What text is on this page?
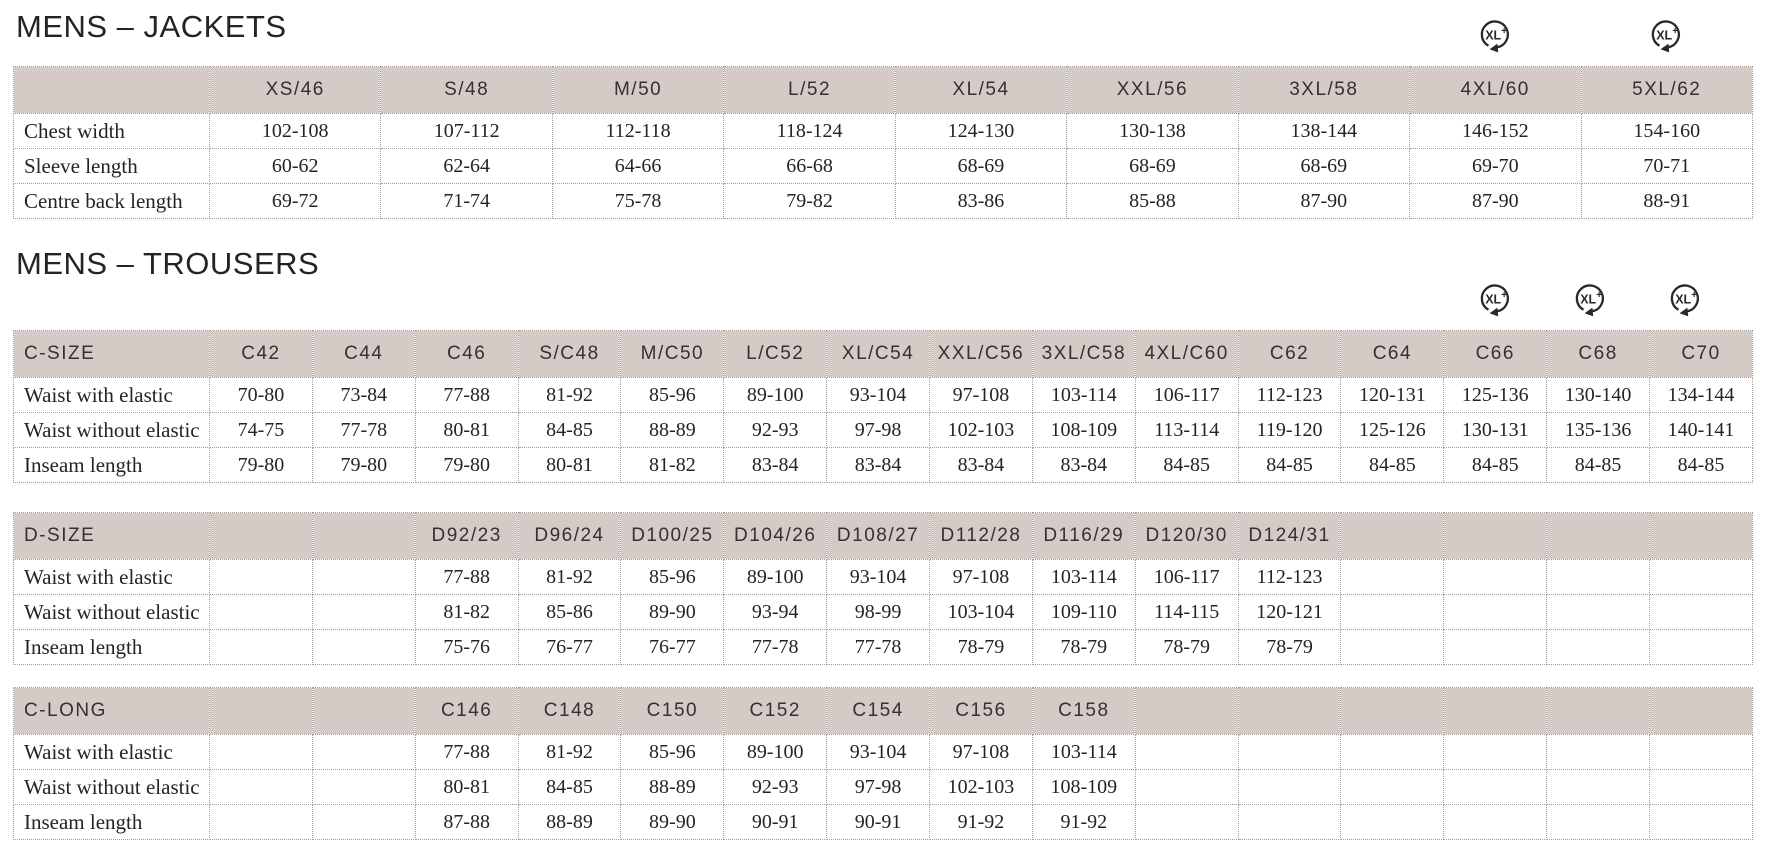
MENS – JACKETS
	XS/46	S/48	M/50	L/52	XL/54	XXL/56	3XL/58	4XL/60	5XL/62
Chest width	102-108	107-112	112-118	118-124	124-130	130-138	138-144	146-152	154-160
Sleeve length	60-62	62-64	64-66	66-68	68-69	68-69	68-69	69-70	70-71
Centre back length	69-72	71-74	75-78	79-82	83-86	85-88	87-90	87-90	88-91
MENS – TROUSERS
C-SIZE	C42	C44	C46	S/C48	M/C50	L/C52	XL/C54	XXL/C56	3XL/C58	4XL/C60	C62	C64	C66	C68	C70
Waist with elastic	70-80	73-84	77-88	81-92	85-96	89-100	93-104	97-108	103-114	106-117	112-123	120-131	125-136	130-140	134-144
Waist without elastic	74-75	77-78	80-81	84-85	88-89	92-93	97-98	102-103	108-109	113-114	119-120	125-126	130-131	135-136	140-141
Inseam length	79-80	79-80	79-80	80-81	81-82	83-84	83-84	83-84	83-84	84-85	84-85	84-85	84-85	84-85	84-85
D-SIZE			D92/23	D96/24	D100/25	D104/26	D108/27	D112/28	D116/29	D120/30	D124/31				
Waist with elastic			77-88	81-92	85-96	89-100	93-104	97-108	103-114	106-117	112-123				
Waist without elastic			81-82	85-86	89-90	93-94	98-99	103-104	109-110	114-115	120-121				
Inseam length			75-76	76-77	76-77	77-78	77-78	78-79	78-79	78-79	78-79				
C-LONG			C146	C148	C150	C152	C154	C156	C158						
Waist with elastic			77-88	81-92	85-96	89-100	93-104	97-108	103-114						
Waist without elastic			80-81	84-85	88-89	92-93	97-98	102-103	108-109						
Inseam length			87-88	88-89	89-90	90-91	90-91	91-92	91-92						
XL +	XL +
XL +	XL +	XL +
